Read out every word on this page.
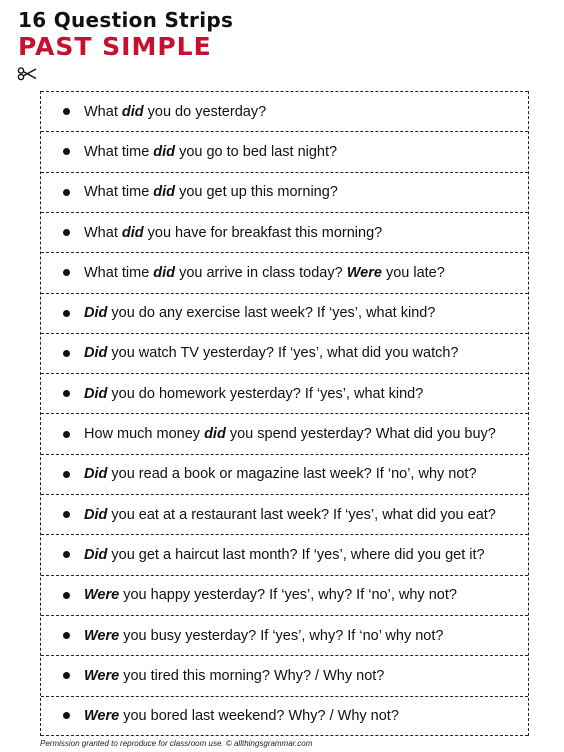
16 Question Strips
PAST SIMPLE
What did you do yesterday?
What time did you go to bed last night?
What time did you get up this morning?
What did you have for breakfast this morning?
What time did you arrive in class today? Were you late?
Did you do any exercise last week? If ‘yes’, what kind?
Did you watch TV yesterday? If ‘yes’, what did you watch?
Did you do homework yesterday? If ‘yes’, what kind?
How much money did you spend yesterday? What did you buy?
Did you read a book or magazine last week? If ‘no’, why not?
Did you eat at a restaurant last week? If ‘yes’, what did you eat?
Did you get a haircut last month? If ‘yes’, where did you get it?
Were you happy yesterday? If ‘yes’, why? If ‘no’, why not?
Were you busy yesterday? If ‘yes’, why? If ‘no’ why not?
Were you tired this morning? Why? / Why not?
Were you bored last weekend? Why? / Why not?
Permission granted to reproduce for classroom use. © allthingsgrammar.com
